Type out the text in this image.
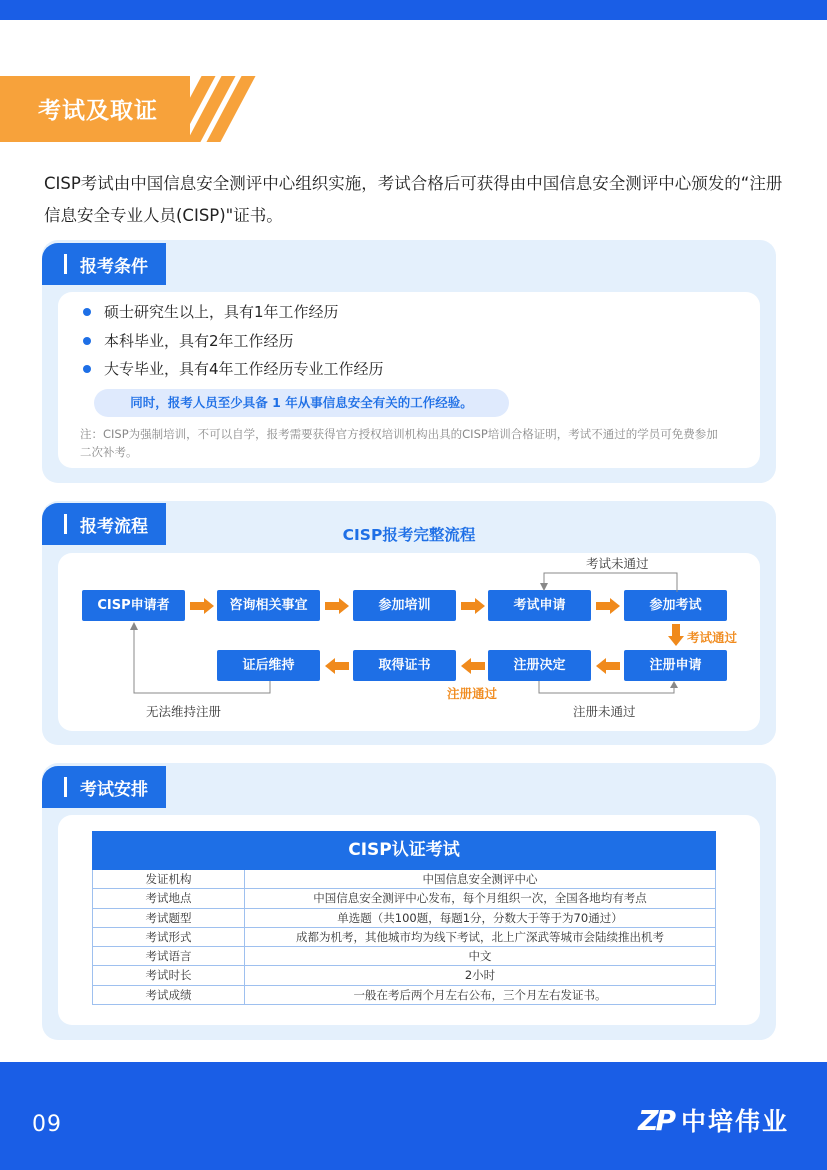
考试及取证

CISP考试由中国信息安全测评中心组织实施，考试合格后可获得由中国信息安全测评中心颁发的“注册信息安全专业人员(CISP)"证书。

报考条件
硕士研究生以上，具有1年工作经历
本科毕业，具有2年工作经历
大专毕业，具有4年工作经历专业工作经历
同时，报考人员至少具备 1 年从事信息安全有关的工作经验。
注：CISP为强制培训，不可以自学，报考需要获得官方授权培训机构出具的CISP培训合格证明，考试不通过的学员可免费参加二次补考。
报考流程	CISP报考完整流程
CISP申请者	咨询相关事宜	参加培训	考试申请	参加考试
证后维持	取得证书	注册决定	注册申请
考试通过
注册通过
考试未通过
注册未通过
无法维持注册
考试安排
CISP认证考试
发证机构	中国信息安全测评中心
考试地点	中国信息安全测评中心发布，每个月组织一次，全国各地均有考点
考试题型	单选题（共100题，每题1分，分数大于等于为70通过）
考试形式	成都为机考，其他城市均为线下考试，北上广深武等城市会陆续推出机考
考试语言	中文
考试时长	2小时
考试成绩	一般在考后两个月左右公布，三个月左右发证书。
09	ZP 中培伟业
